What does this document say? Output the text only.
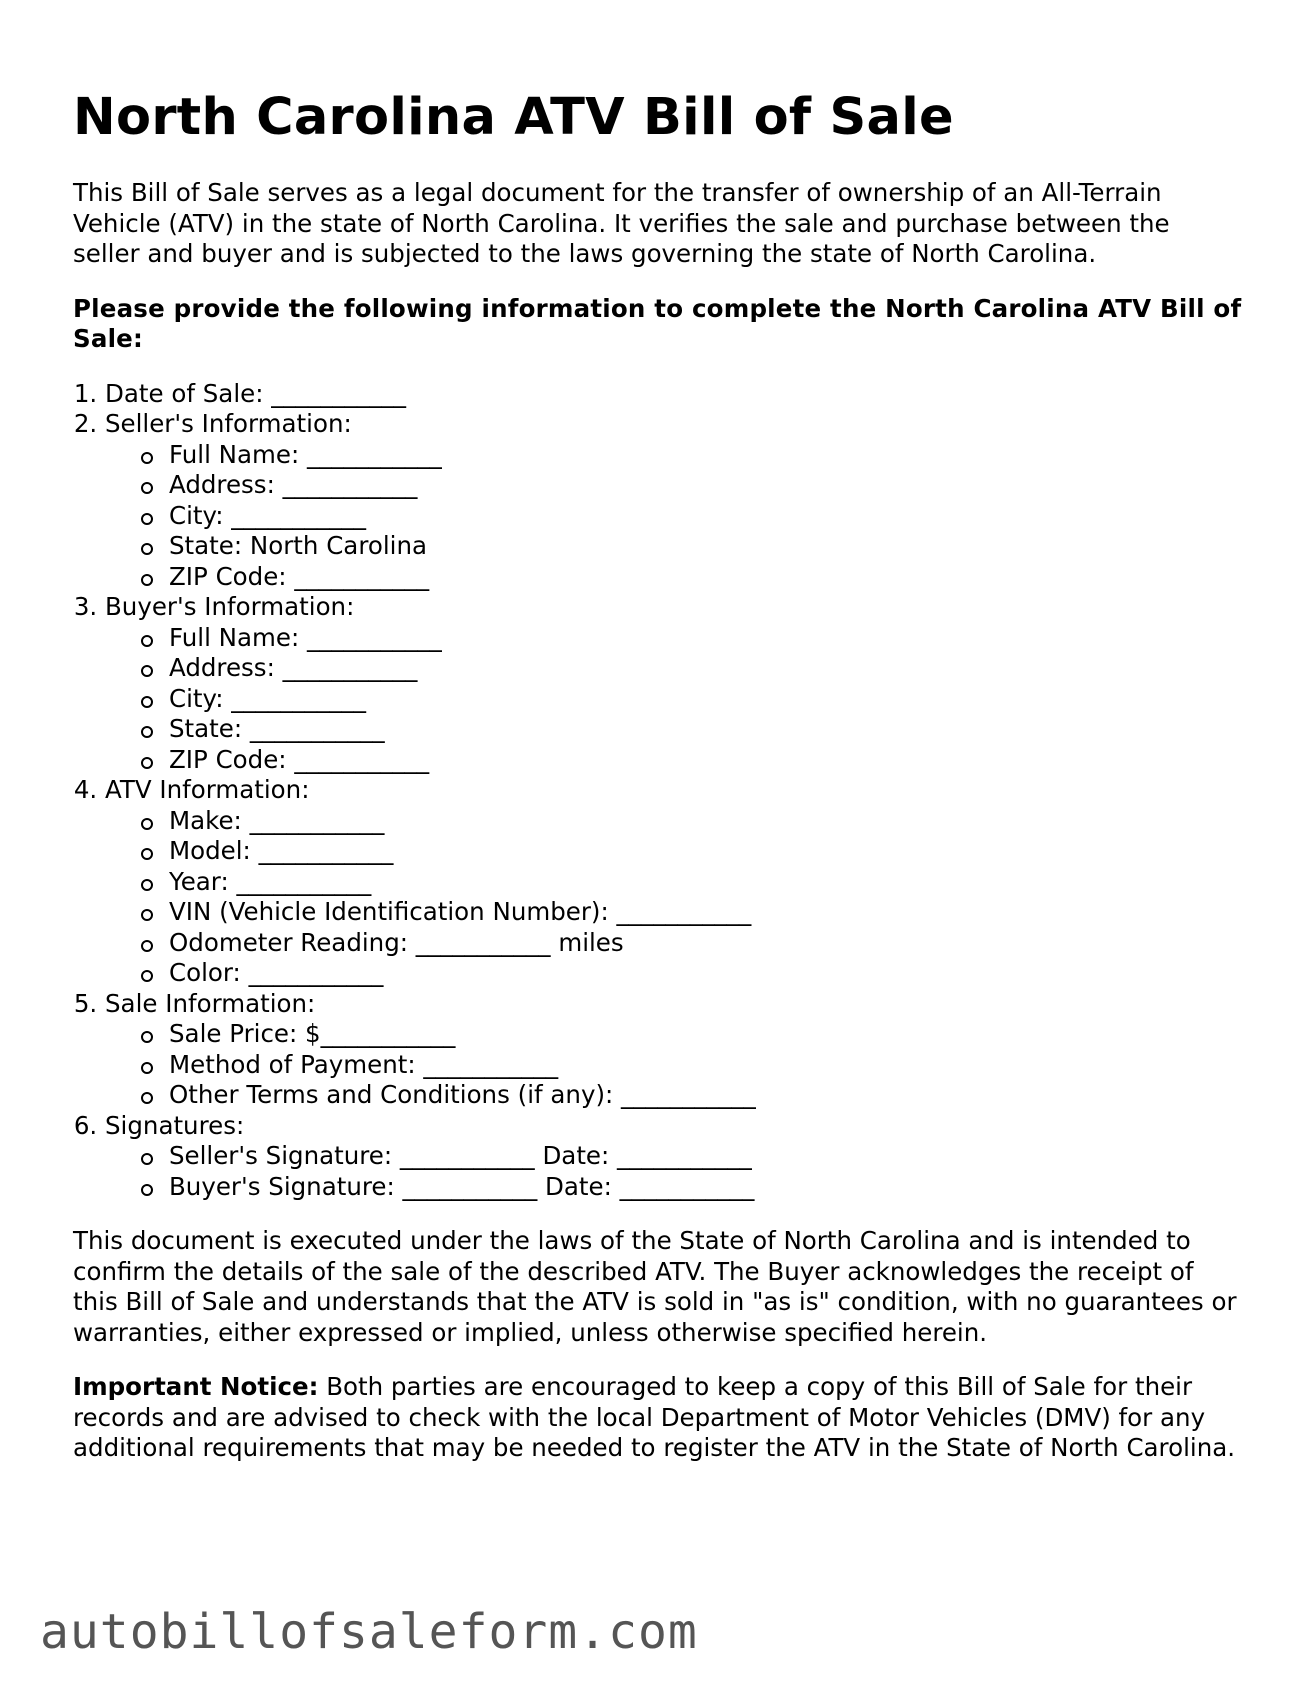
North Carolina ATV Bill of Sale

This Bill of Sale serves as a legal document for the transfer of ownership of an All-Terrain Vehicle (ATV) in the state of North Carolina. It verifies the sale and purchase between the seller and buyer and is subjected to the laws governing the state of North Carolina.

Please provide the following information to complete the North Carolina ATV Bill of Sale:

1. Date of Sale: ___________
2. Seller's Information:
Full Name: ___________
Address: ___________
City: ___________
State: North Carolina
ZIP Code: ___________
3. Buyer's Information:
Full Name: ___________
Address: ___________
City: ___________
State: ___________
ZIP Code: ___________
4. ATV Information:
Make: ___________
Model: ___________
Year: ___________
VIN (Vehicle Identification Number): ___________
Odometer Reading: ___________ miles
Color: ___________
5. Sale Information:
Sale Price: $___________
Method of Payment: ___________
Other Terms and Conditions (if any): ___________
6. Signatures:
Seller's Signature: ___________ Date: ___________
Buyer's Signature: ___________ Date: ___________

This document is executed under the laws of the State of North Carolina and is intended to confirm the details of the sale of the described ATV. The Buyer acknowledges the receipt of this Bill of Sale and understands that the ATV is sold in "as is" condition, with no guarantees or warranties, either expressed or implied, unless otherwise specified herein.

Important Notice: Both parties are encouraged to keep a copy of this Bill of Sale for their records and are advised to check with the local Department of Motor Vehicles (DMV) for any additional requirements that may be needed to register the ATV in the State of North Carolina.

autobillofsaleform.com
